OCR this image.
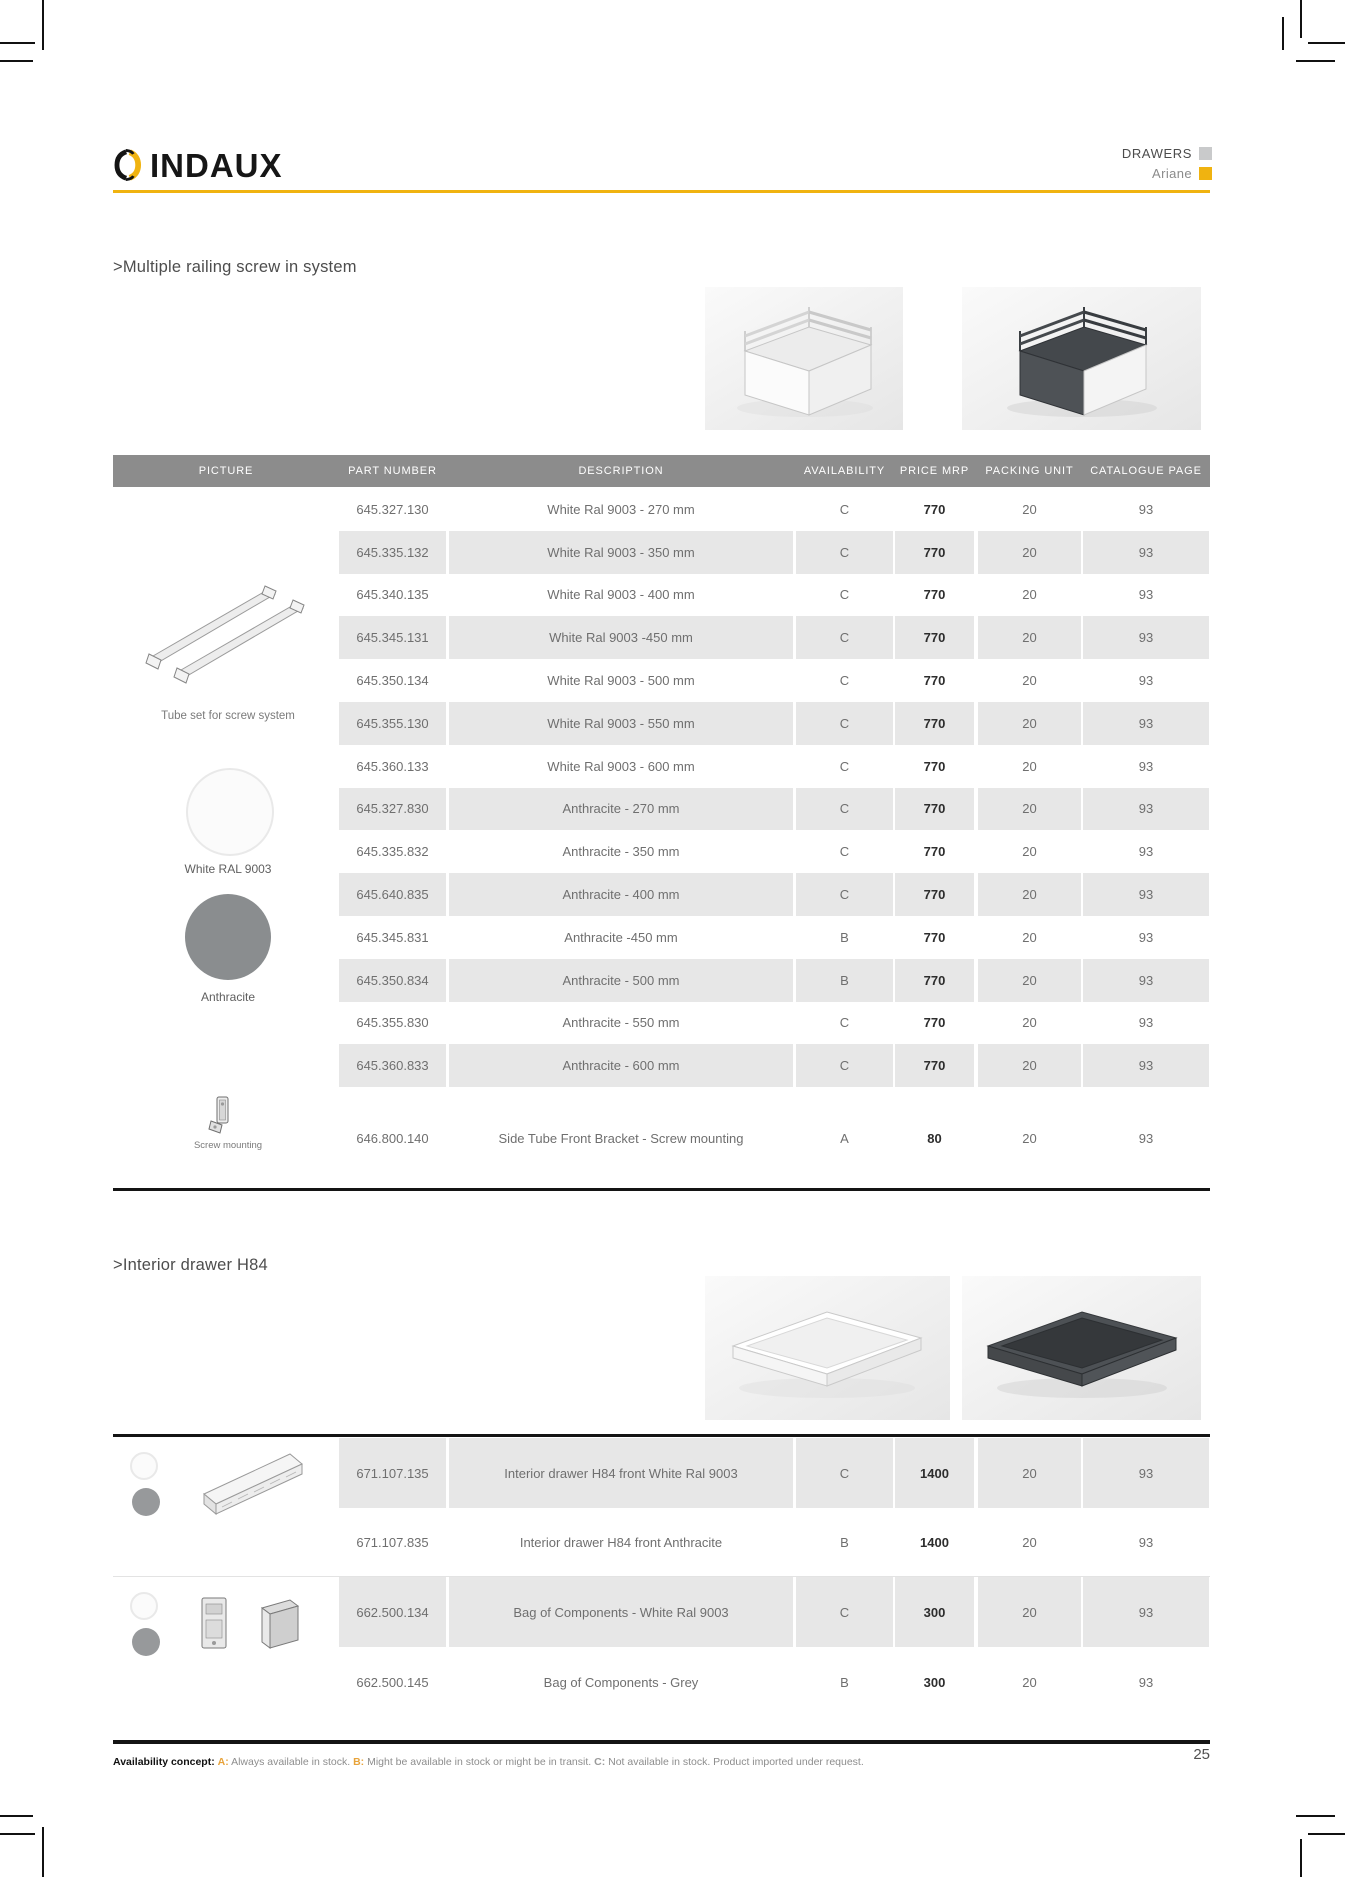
INDAUX	DRAWERS
Ariane
>Multiple railing screw in system
PICTURE	PART NUMBER	DESCRIPTION	AVAILABILITY	PRICE MRP	PACKING UNIT	CATALOGUE PAGE
645.327.130	White Ral 9003 - 270 mm	C	770	20	93
645.335.132	White Ral 9003 - 350 mm	C	770	20	93
645.340.135	White Ral 9003 - 400 mm	C	770	20	93
645.345.131	White Ral 9003 -450 mm	C	770	20	93
645.350.134	White Ral 9003 - 500 mm	C	770	20	93
645.355.130	White Ral 9003 - 550 mm	C	770	20	93
645.360.133	White Ral 9003 - 600 mm	C	770	20	93
645.327.830	Anthracite - 270 mm	C	770	20	93
645.335.832	Anthracite - 350 mm	C	770	20	93
645.640.835	Anthracite - 400 mm	C	770	20	93
645.345.831	Anthracite -450 mm	B	770	20	93
645.350.834	Anthracite - 500 mm	B	770	20	93
645.355.830	Anthracite - 550 mm	C	770	20	93
645.360.833	Anthracite - 600 mm	C	770	20	93
Tube set for screw system
White RAL 9003
Anthracite
Screw mounting	646.800.140	Side Tube Front Bracket - Screw mounting	A	80	20	93
>Interior drawer H84
671.107.135	Interior drawer H84 front White Ral 9003	C	1400	20	93
671.107.835	Interior drawer H84 front Anthracite	B	1400	20	93
662.500.134	Bag of Components - White Ral 9003	C	300	20	93
662.500.145	Bag of Components - Grey	B	300	20	93
Availability concept: A: Always available in stock. B: Might be available in stock or might be in transit. C: Not available in stock. Product imported under request.	25
